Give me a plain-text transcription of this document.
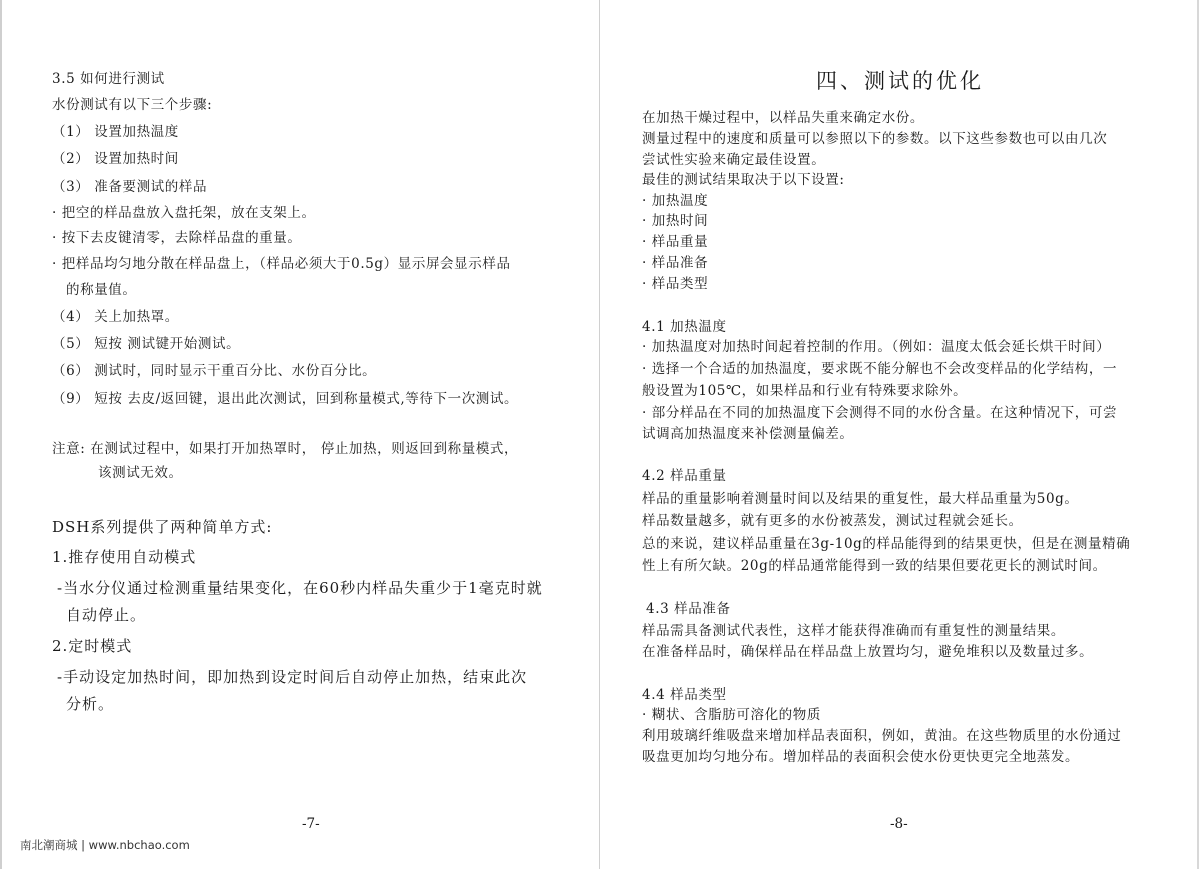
3.5 如何进行测试
水份测试有以下三个步骤:
（1） 设置加热温度
（2） 设置加热时间
（3） 准备要测试的样品
· 把空的样品盘放入盘托架，放在支架上。
· 按下去皮键清零，去除样品盘的重量。
· 把样品均匀地分散在样品盘上，（样品必须大于0.5g）显示屏会显示样品
的称量值。
（4） 关上加热罩。
（5） 短按 测试键开始测试。
（6） 测试时，同时显示干重百分比、水份百分比。
（9） 短按 去皮/返回键，退出此次测试，回到称量模式,等待下一次测试。
注意: 在测试过程中，如果打开加热罩时， 停止加热，则返回到称量模式，
该测试无效。
DSH系列提供了两种简单方式:
1.推存使用自动模式
-当水分仪通过检测重量结果变化，在60秒内样品失重少于1毫克时就
自动停止。
2.定时模式
-手动设定加热时间，即加热到设定时间后自动停止加热，结束此次
分析。
-7-
南北潮商城 | www.nbchao.com
四、测试的优化
在加热干燥过程中，以样品失重来确定水份。
测量过程中的速度和质量可以参照以下的参数。以下这些参数也可以由几次
尝试性实验来确定最佳设置。
最佳的测试结果取决于以下设置:
· 加热温度
· 加热时间
· 样品重量
· 样品准备
· 样品类型
4.1 加热温度
· 加热温度对加热时间起着控制的作用。（例如：温度太低会延长烘干时间）
· 选择一个合适的加热温度，要求既不能分解也不会改变样品的化学结构，一
般设置为105℃，如果样品和行业有特殊要求除外。
· 部分样品在不同的加热温度下会测得不同的水份含量。在这种情况下，可尝
试调高加热温度来补偿测量偏差。
4.2 样品重量
样品的重量影响着测量时间以及结果的重复性，最大样品重量为50g。
样品数量越多，就有更多的水份被蒸发，测试过程就会延长。
总的来说，建议样品重量在3g-10g的样品能得到的结果更快，但是在测量精确
性上有所欠缺。20g的样品通常能得到一致的结果但要花更长的测试时间。
4.3 样品准备
样品需具备测试代表性，这样才能获得准确而有重复性的测量结果。
在准备样品时，确保样品在样品盘上放置均匀，避免堆积以及数量过多。
4.4 样品类型
· 糊状、含脂肪可溶化的物质
利用玻璃纤维吸盘来增加样品表面积，例如，黄油。在这些物质里的水份通过
吸盘更加均匀地分布。增加样品的表面积会使水份更快更完全地蒸发。
-8-
